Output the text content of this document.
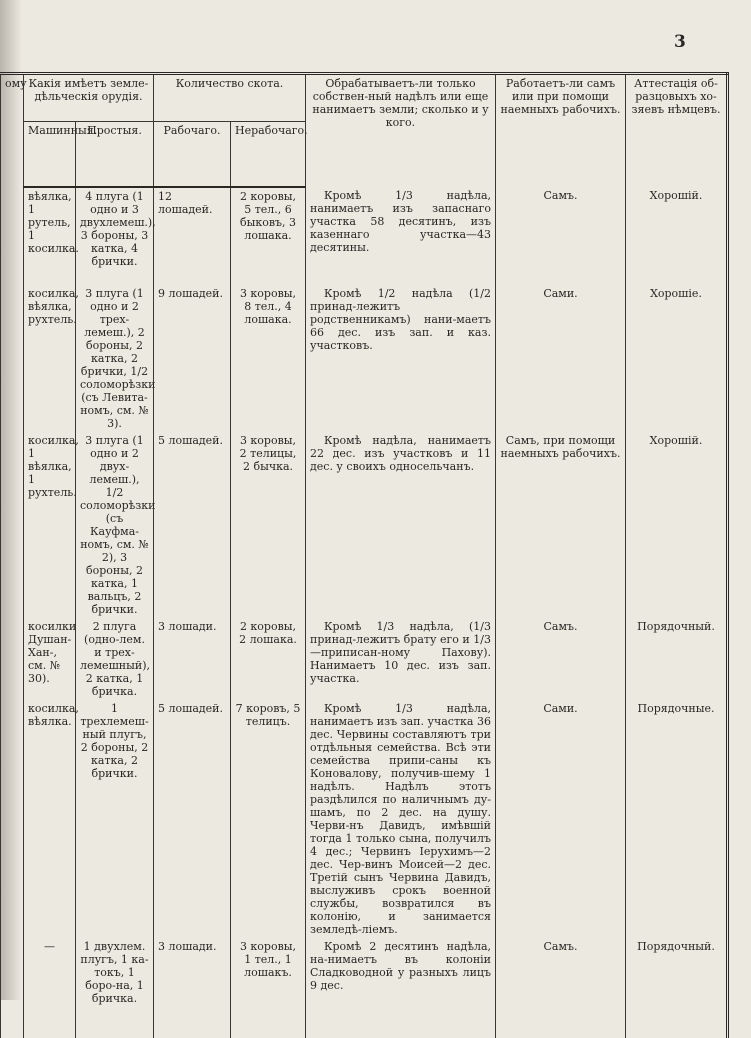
3
ому	Какія имѣетъ земле-дѣльческія орудія.		Количество скота.		Обрабатываетъ-ли только собствен-ный надѣлъ или еще нанимаетъ земли; сколько и у кого.	Работаетъ-ли самъ или при помощи наемныхъ рабочихъ.	Аттестація об-разцовыхъ хо-зяевъ нѣмцевъ.
	Машинныя.	Простыя.	Рабочаго.	Нерабочаго.			
	вѣялка, 1 рутель, 1 косилка.	4 плуга (1 одно и 3 двухлемеш.), 3 бороны, 3 катка, 4 брички.	12 лошадей.	2 коровы, 5 тел., 6 быковъ, 3 лошака.	Кромѣ 1/3 надѣла, нанимаетъ изъ запаснаго участка 58 десятинъ, изъ казеннаго участка—43 десятины.	Самъ.	Хорошій.
	косилка, вѣялка, рухтель.	3 плуга (1 одно и 2 трех-лемеш.), 2 бороны, 2 катка, 2 брички, 1/2 соломорѣзки (съ Левита-номъ, см. № 3).	9 лошадей.	3 коровы, 8 тел., 4 лошака.	Кромѣ 1/2 надѣла (1/2 принад-лежитъ родственникамъ) нани-маетъ 66 дес. изъ зап. и каз. участковъ.	Сами.	Хорошіе.
	косилка, 1 вѣялка, 1 рухтель.	3 плуга (1 одно и 2 двух-лемеш.), 1/2 соломорѣзки (съ Кауфма-номъ, см. № 2), 3 бороны, 2 катка, 1 вальцъ, 2 брички.	5 лошадей.	3 коровы, 2 телицы, 2 бычка.	Кромѣ надѣла, нанимаетъ 22 дес. изъ участковъ и 11 дес. у своихъ односельчанъ.	Самъ, при помощи наемныхъ рабочихъ.	Хорошій.
	косилки Душан-Хан-, см. № 30).	2 плуга (одно-лем. и трех-лемешный), 2 катка, 1 бричка.	3 лошади.	2 коровы, 2 лошака.	Кромѣ 1/3 надѣла, (1/3 принад-лежитъ брату его и 1/3—приписан-ному Пахову). Нанимаетъ 10 дес. изъ зап. участка.	Самъ.	Порядочный.
	косилка, вѣялка.	1 трехлемеш-ный плугъ, 2 бороны, 2 катка, 2 брички.	5 лошадей.	7 коровъ, 5 телицъ.	Кромѣ 1/3 надѣла, нанимаетъ изъ зап. участка 36 дес. Червины составляютъ три отдѣльныя семейства. Всѣ эти семейства припи-саны къ Коновалову, получив-шему 1 надѣлъ. Надѣлъ этотъ раздѣлился по наличнымъ ду-шамъ, по 2 дес. на душу. Черви-нъ Давидъ, имѣвшій тогда 1 только сына, получилъ 4 дес.; Червинъ Іерухимъ—2 дес. Чер-винъ Моисей—2 дес. Третій сынъ Червина Давидъ, выслуживъ срокъ военной службы, возвратился въ колонію, и занимается земледѣ-ліемъ.	Сами.	Порядочные.
	—	1 двухлем. плугъ, 1 ка-токъ, 1 боро-на, 1 бричка.	3 лошади.	3 коровы, 1 тел., 1 лошакъ.	Кромѣ 2 десятинъ надѣла, на-нимаетъ въ колоніи Сладководной у разныхъ лицъ 9 дес.	Самъ.	Порядочный.
